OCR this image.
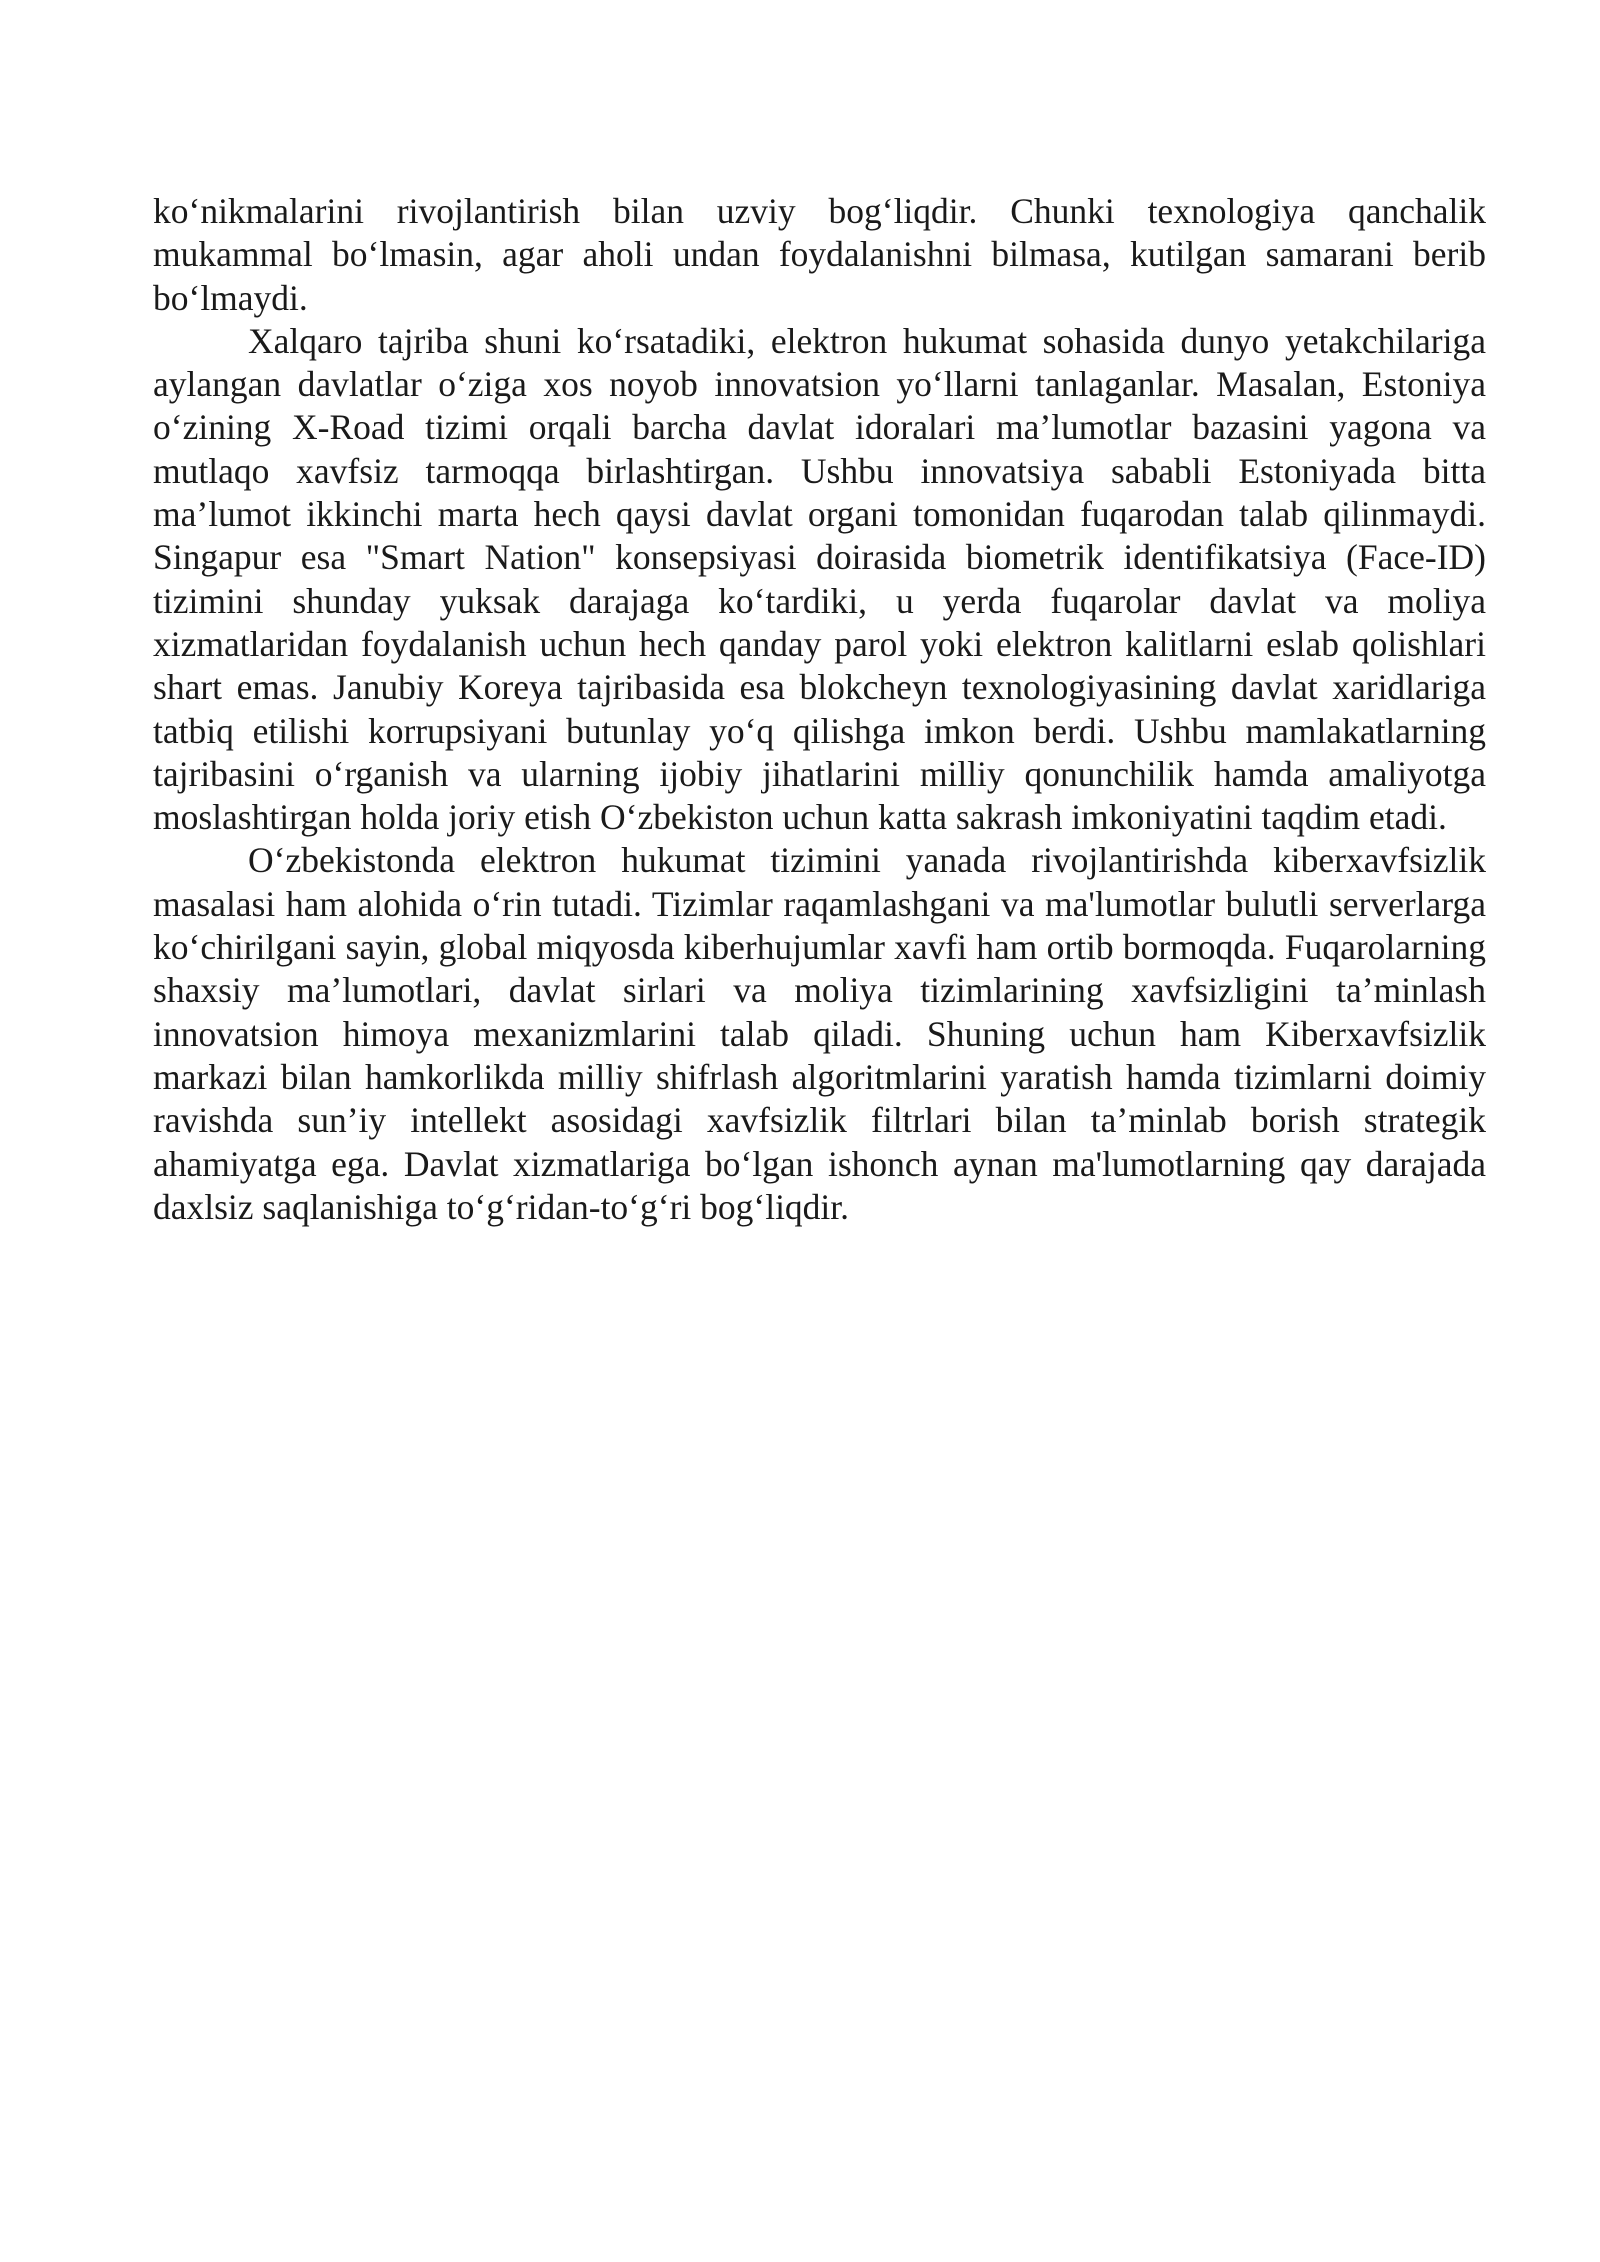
ko‘nikmalarini rivojlantirish bilan uzviy bog‘liqdir. Chunki texnologiya qanchalik mukammal bo‘lmasin, agar aholi undan foydalanishni bilmasa, kutilgan samarani berib bo‘lmaydi.

Xalqaro tajriba shuni ko‘rsatadiki, elektron hukumat sohasida dunyo yetakchilariga aylangan davlatlar o‘ziga xos noyob innovatsion yo‘llarni tanlaganlar. Masalan, Estoniya o‘zining X-Road tizimi orqali barcha davlat idoralari ma’lumotlar bazasini yagona va mutlaqo xavfsiz tarmoqqa birlashtirgan. Ushbu innovatsiya sababli Estoniyada bitta ma’lumot ikkinchi marta hech qaysi davlat organi tomonidan fuqarodan talab qilinmaydi. Singapur esa "Smart Nation" konsepsiyasi doirasida biometrik identifikatsiya (Face-ID) tizimini shunday yuksak darajaga ko‘tardiki, u yerda fuqarolar davlat va moliya xizmatlaridan foydalanish uchun hech qanday parol yoki elektron kalitlarni eslab qolishlari shart emas. Janubiy Koreya tajribasida esa blokcheyn texnologiyasining davlat xaridlariga tatbiq etilishi korrupsiyani butunlay yo‘q qilishga imkon berdi. Ushbu mamlakatlarning tajribasini o‘rganish va ularning ijobiy jihatlarini milliy qonunchilik hamda amaliyotga moslashtirgan holda joriy etish O‘zbekiston uchun katta sakrash imkoniyatini taqdim etadi.

O‘zbekistonda elektron hukumat tizimini yanada rivojlantirishda kiberxavfsizlik masalasi ham alohida o‘rin tutadi. Tizimlar raqamlashgani va ma'lumotlar bulutli serverlarga ko‘chirilgani sayin, global miqyosda kiberhujumlar xavfi ham ortib bormoqda. Fuqarolarning shaxsiy ma’lumotlari, davlat sirlari va moliya tizimlarining xavfsizligini ta’minlash innovatsion himoya mexanizmlarini talab qiladi. Shuning uchun ham Kiberxavfsizlik markazi bilan hamkorlikda milliy shifrlash algoritmlarini yaratish hamda tizimlarni doimiy ravishda sun’iy intellekt asosidagi xavfsizlik filtrlari bilan ta’minlab borish strategik ahamiyatga ega. Davlat xizmatlariga bo‘lgan ishonch aynan ma'lumotlarning qay darajada daxlsiz saqlanishiga to‘g‘ridan-to‘g‘ri bog‘liqdir.
